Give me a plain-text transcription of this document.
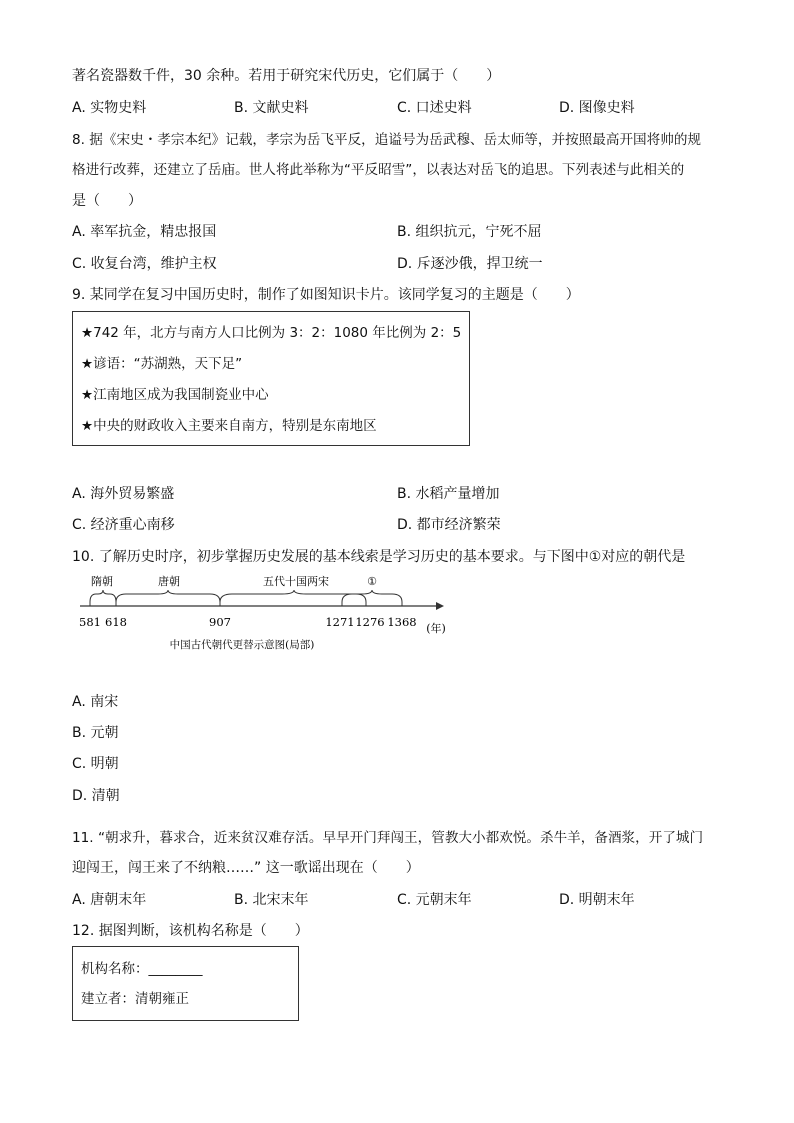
著名瓷器数千件，30 余种。若用于研究宋代历史，它们属于（　　）
A. 实物史料	B. 文献史料	C. 口述史料	D. 图像史料
8. 据《宋史・孝宗本纪》记载，孝宗为岳飞平反，追谥号为岳武穆、岳太师等，并按照最高开国将帅的规
格进行改葬，还建立了岳庙。世人将此举称为“平反昭雪”，以表达对岳飞的追思。下列表述与此相关的
是（　　）
A. 率军抗金，精忠报国	B. 组织抗元，宁死不屈
C. 收复台湾，维护主权	D. 斥逐沙俄，捍卫统一
9. 某同学在复习中国历史时，制作了如图知识卡片。该同学复习的主题是（　　）
★742 年，北方与南方人口比例为 3：2：1080 年比例为 2：5
★谚语：“苏湖熟，天下足”
★江南地区成为我国制瓷业中心
★中央的财政收入主要来自南方，特别是东南地区
A. 海外贸易繁盛	B. 水稻产量增加
C. 经济重心南移	D. 都市经济繁荣
10. 了解历史时序，初步掌握历史发展的基本线索是学习历史的基本要求。与下图中①对应的朝代是
隋朝	唐朝	五代十国两宋	①
581 618	907	1271 1276 1368 (年)
中国古代朝代更替示意图(局部)
A. 南宋
B. 元朝
C. 明朝
D. 清朝
11. “朝求升，暮求合，近来贫汉难存活。早早开门拜闯王，管教大小都欢悦。杀牛羊，备酒浆，开了城门
迎闯王，闯王来了不纳粮……” 这一歌谣出现在（　　）
A. 唐朝末年	B. 北宋末年	C. 元朝末年	D. 明朝末年
12. 据图判断，该机构名称是（　　）
机构名称：________
建立者：清朝雍正
